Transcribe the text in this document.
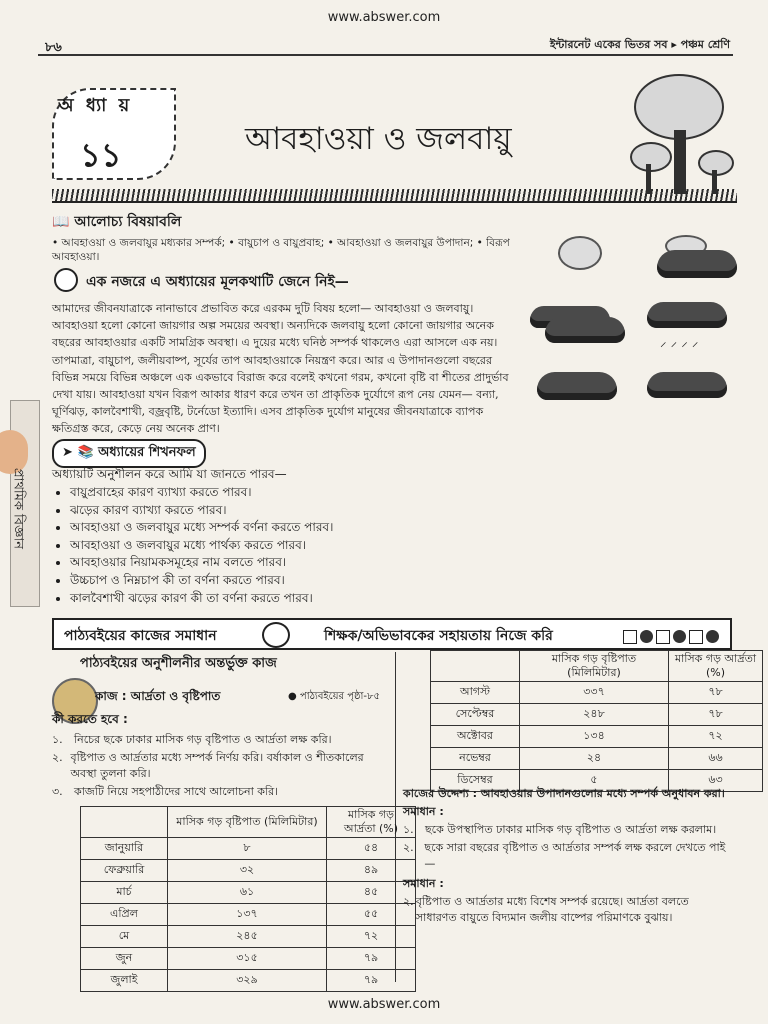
www.abswer.com
www.abswer.com
৮৬	ইন্টারনেট একের ভিতর সব ▸ পঞ্চম শ্রেণি
অ ধ্যা য়
১১	আবহাওয়া ও জলবায়ু
📖 আলোচ্য বিষয়াবলি
• আবহাওয়া ও জলবায়ুর মধ্যকার সম্পর্ক; • বায়ুচাপ ও বায়ুপ্রবাহ; • আবহাওয়া ও জলবায়ুর উপাদান; • বিরূপ আবহাওয়া।
এক নজরে এ অধ্যায়ের মূলকথাটি জেনে নিই—
আমাদের জীবনযাত্রাকে নানাভাবে প্রভাবিত করে এরকম দুটি বিষয় হলো— আবহাওয়া ও জলবায়ু। আবহাওয়া হলো কোনো জায়গার অল্প সময়ের অবস্থা। অন্যদিকে জলবায়ু হলো কোনো জায়গার অনেক বছরের আবহাওয়ার একটি সামগ্রিক অবস্থা। এ দুয়ের মধ্যে ঘনিষ্ঠ সম্পর্ক থাকলেও এরা আসলে এক নয়। তাপমাত্রা, বায়ুচাপ, জলীয়বাষ্প, সূর্যের তাপ আবহাওয়াকে নিয়ন্ত্রণ করে। আর এ উপাদানগুলো বছরের বিভিন্ন সময়ে বিভিন্ন অঞ্চলে এক একভাবে বিরাজ করে বলেই কখনো গরম, কখনো বৃষ্টি বা শীতের প্রাদুর্ভাব দেখা যায়। আবহাওয়া যখন বিরূপ আকার ধারণ করে তখন তা প্রাকৃতিক দুর্যোগে রূপ নেয় যেমন— বন্যা, ঘূর্ণিঝড়, কালবৈশাখী, বজ্রবৃষ্টি, টর্নেডো ইত্যাদি। এসব প্রাকৃতিক দুর্যোগ মানুষের জীবনযাত্রাকে ব্যাপক ক্ষতিগ্রস্ত করে, কেড়ে নেয় অনেক প্রাণ।
⸝ ⸝ ⸝ ⸝
প্রাথমিক বিজ্ঞান
➤ 📚 অধ্যায়ের শিখনফল
অধ্যায়টি অনুশীলন করে আমি যা জানতে পারব—
• বায়ুপ্রবাহের কারণ ব্যাখ্যা করতে পারব।
• ঝড়ের কারণ ব্যাখ্যা করতে পারব।
• আবহাওয়া ও জলবায়ুর মধ্যে সম্পর্ক বর্ণনা করতে পারব।
• আবহাওয়া ও জলবায়ুর মধ্যে পার্থক্য করতে পারব।
• আবহাওয়ার নিয়ামকসমূহের নাম বলতে পারব।
• উচ্চচাপ ও নিম্নচাপ কী তা বর্ণনা করতে পারব।
• কালবৈশাখী ঝড়ের কারণ কী তা বর্ণনা করতে পারব।
পাঠ্যবইয়ের কাজের সমাধান	শিক্ষক/অভিভাবকের সহায়তায় নিজে করি
পাঠ্যবইয়ের অনুশীলনীর অন্তর্ভুক্ত কাজ
কাজ : আর্দ্রতা ও বৃষ্টিপাত	● পাঠ্যবইয়ের পৃষ্ঠা-৮৫
কী করতে হবে :
১.	নিচের ছকে ঢাকার মাসিক গড় বৃষ্টিপাত ও আর্দ্রতা লক্ষ করি।
২. বৃষ্টিপাত ও আর্দ্রতার মধ্যে সম্পর্ক নির্ণয় করি। বর্ষাকাল ও শীতকালের অবস্থা তুলনা করি।
৩.	কাজটি নিয়ে সহপাঠীদের সাথে আলোচনা করি।
	মাসিক গড় বৃষ্টিপাত (মিলিমিটার)	মাসিক গড় আর্দ্রতা (%)
জানুয়ারি	৮	৫৪
ফেব্রুয়ারি	৩২	৪৯
মার্চ	৬১	৪৫
এপ্রিল	১৩৭	৫৫
মে	২৪৫	৭২
জুন	৩১৫	৭৯
জুলাই	৩২৯	৭৯
	মাসিক গড় বৃষ্টিপাত (মিলিমিটার)	মাসিক গড় আর্দ্রতা (%)
আগস্ট	৩৩৭	৭৮
সেপ্টেম্বর	২৪৮	৭৮
অক্টোবর	১৩৪	৭২
নভেম্বর	২৪	৬৬
ডিসেম্বর	৫	৬৩
কাজের উদ্দেশ্য : আবহাওয়ার উপাদানগুলোর মধ্যে সম্পর্ক অনুধাবন করা।
সমাধান :
১.	ছকে উপস্থাপিত ঢাকার মাসিক গড় বৃষ্টিপাত ও আর্দ্রতা লক্ষ করলাম।
২. ছকে সারা বছরের বৃষ্টিপাত ও আর্দ্রতার সম্পর্ক লক্ষ করলে দেখতে পাই—
সমাধান :
২. বৃষ্টিপাত ও আর্দ্রতার মধ্যে বিশেষ সম্পর্ক রয়েছে। আর্দ্রতা বলতে সাধারণত বায়ুতে বিদ্যমান জলীয় বাষ্পের পরিমাণকে বুঝায়।
